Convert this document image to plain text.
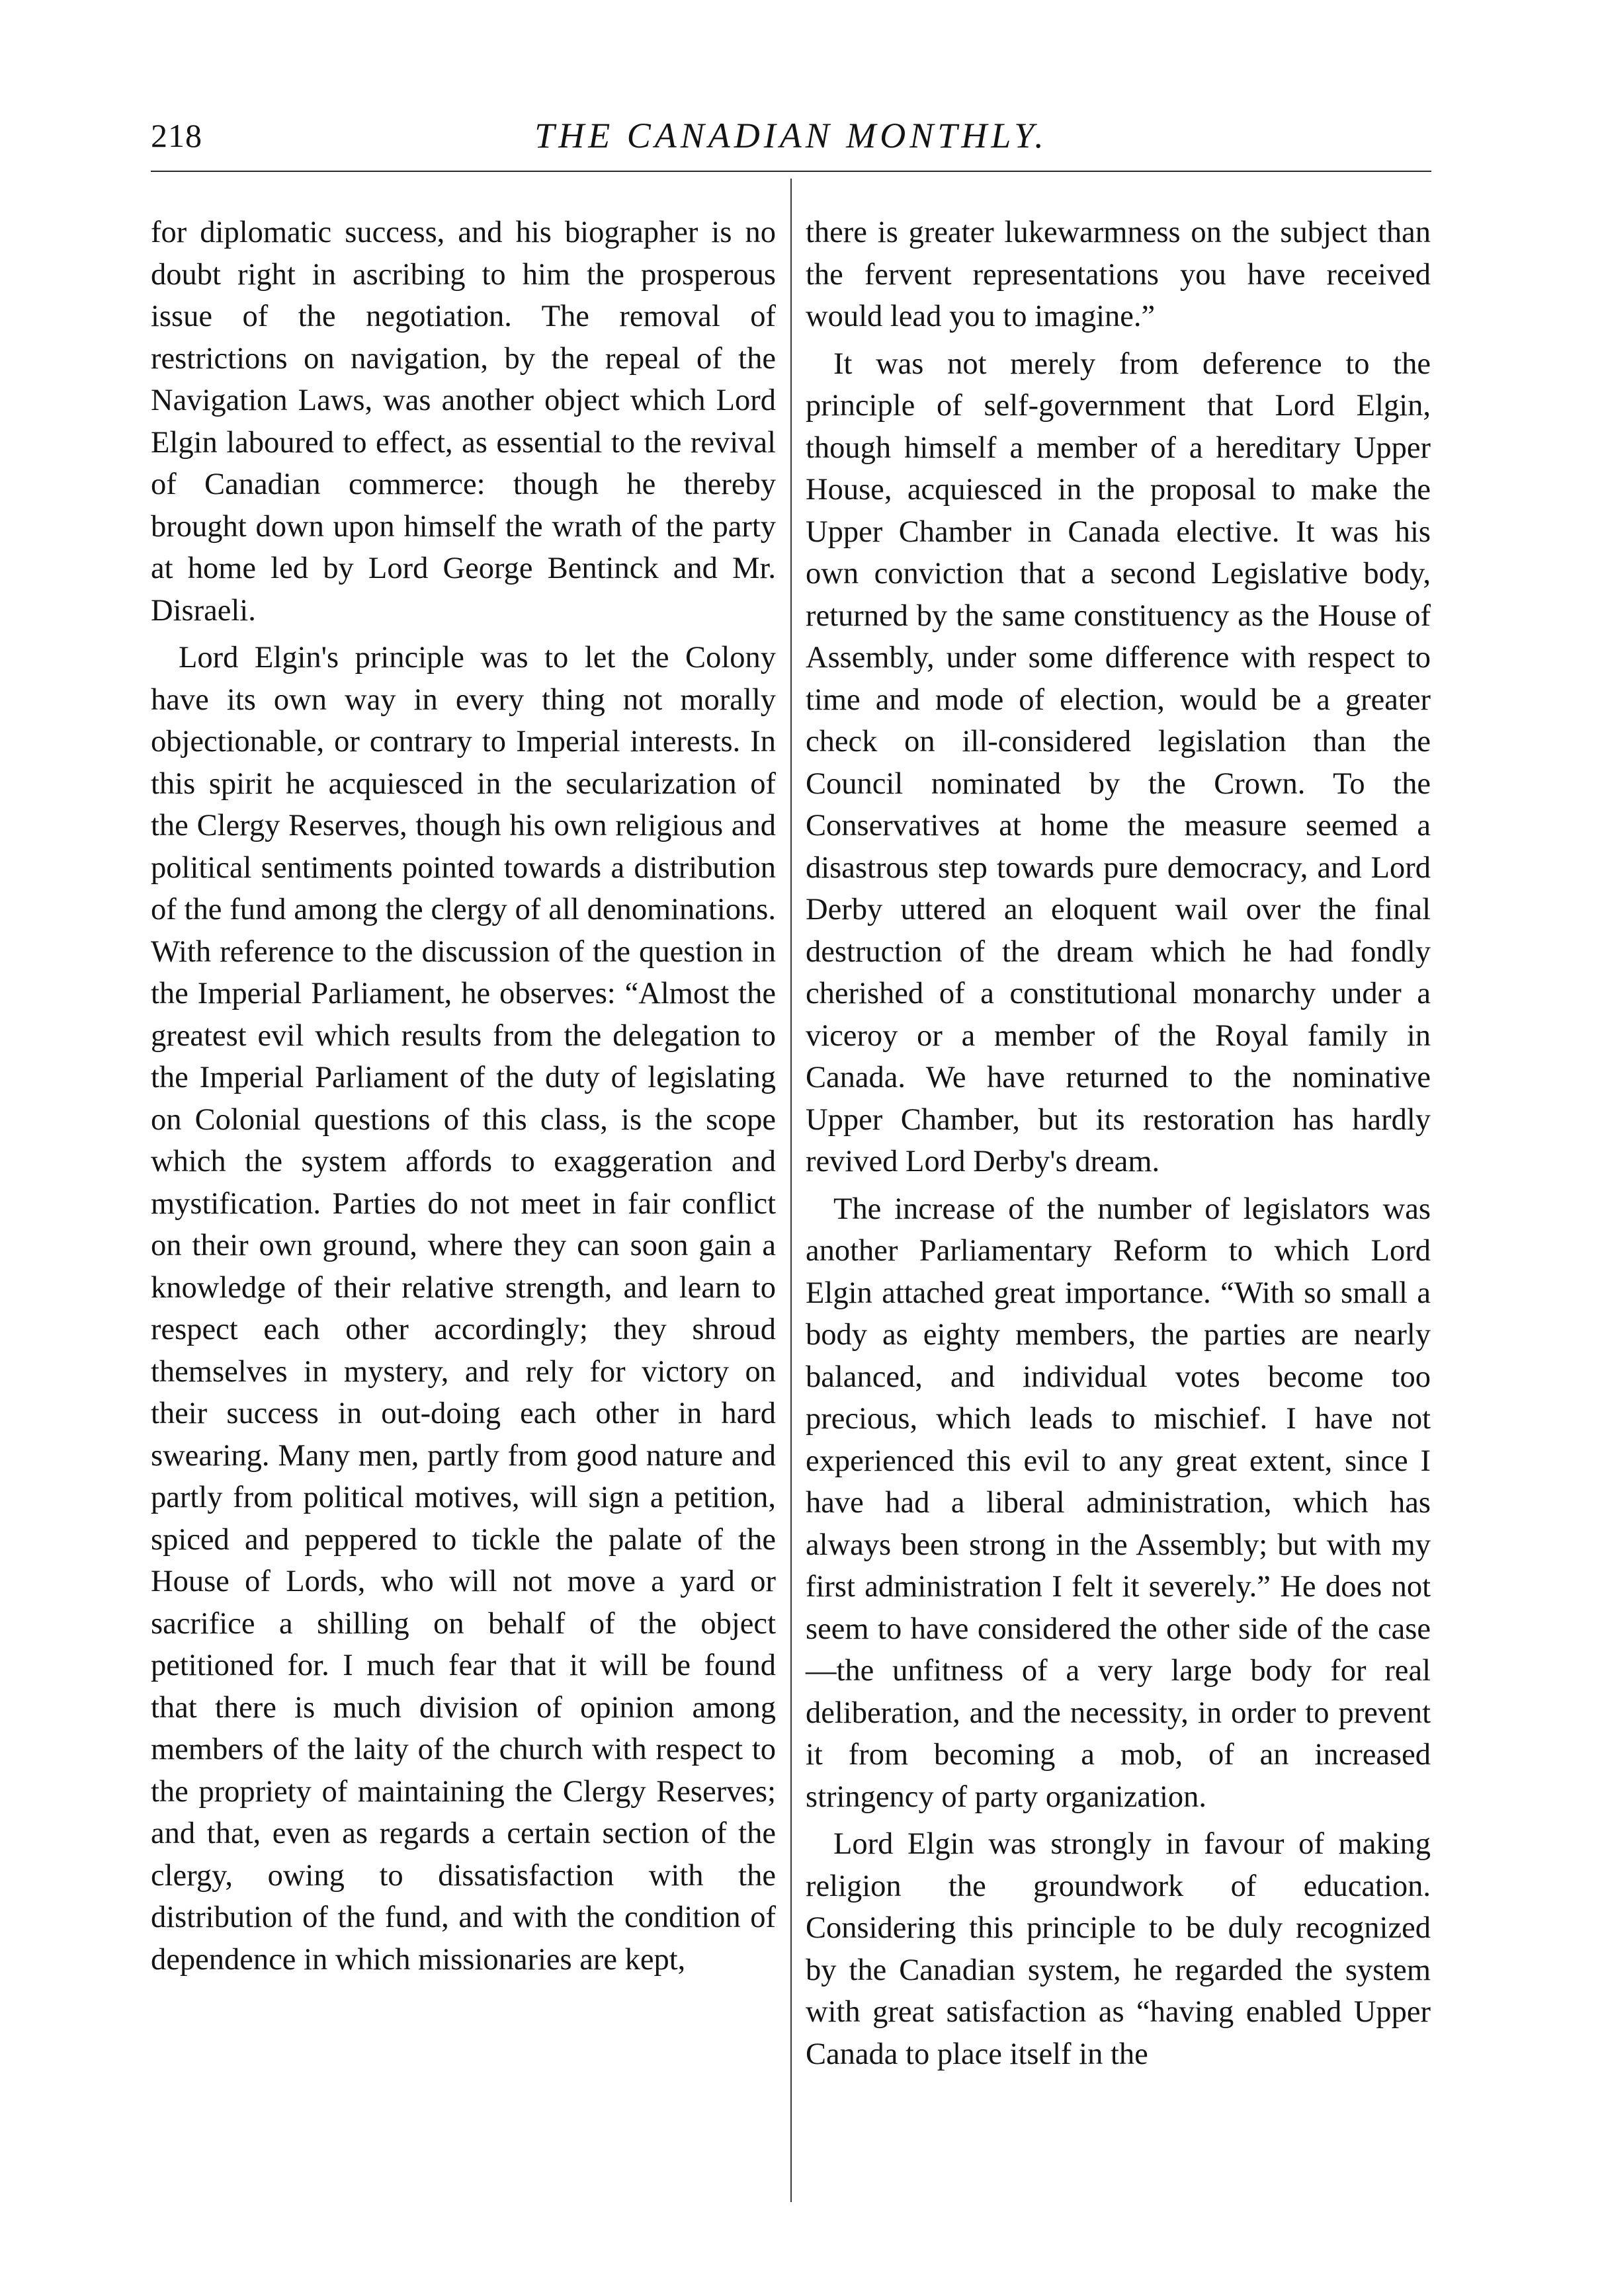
218	THE CANADIAN MONTHLY.

for diplomatic success, and his biographer is no doubt right in ascribing to him the prosperous issue of the negotiation. The removal of restrictions on navigation, by the repeal of the Navigation Laws, was another object which Lord Elgin laboured to effect, as essential to the revival of Canadian commerce: though he thereby brought down upon himself the wrath of the party at home led by Lord George Bentinck and Mr. Disraeli.

Lord Elgin's principle was to let the Colony have its own way in every thing not morally objectionable, or contrary to Imperial interests. In this spirit he acquiesced in the secularization of the Clergy Reserves, though his own religious and political sentiments pointed towards a distribution of the fund among the clergy of all denominations. With reference to the discussion of the question in the Imperial Parliament, he observes: “Almost the greatest evil which results from the delegation to the Imperial Parliament of the duty of legislating on Colonial questions of this class, is the scope which the system affords to exaggeration and mystification. Parties do not meet in fair conflict on their own ground, where they can soon gain a knowledge of their relative strength, and learn to respect each other accordingly; they shroud themselves in mystery, and rely for victory on their success in out-doing each other in hard swearing. Many men, partly from good nature and partly from political motives, will sign a petition, spiced and peppered to tickle the palate of the House of Lords, who will not move a yard or sacrifice a shilling on behalf of the object petitioned for. I much fear that it will be found that there is much division of opinion among members of the laity of the church with respect to the propriety of maintaining the Clergy Reserves; and that, even as regards a certain section of the clergy, owing to dissatisfaction with the distribution of the fund, and with the condition of dependence in which missionaries are kept,

there is greater lukewarmness on the subject than the fervent representations you have received would lead you to imagine.”

It was not merely from deference to the principle of self-government that Lord Elgin, though himself a member of a hereditary Upper House, acquiesced in the proposal to make the Upper Chamber in Canada elective. It was his own conviction that a second Legislative body, returned by the same constituency as the House of Assembly, under some difference with respect to time and mode of election, would be a greater check on ill-considered legislation than the Council nominated by the Crown. To the Conservatives at home the measure seemed a disastrous step towards pure democracy, and Lord Derby uttered an eloquent wail over the final destruction of the dream which he had fondly cherished of a constitutional monarchy under a viceroy or a member of the Royal family in Canada. We have returned to the nominative Upper Chamber, but its restoration has hardly revived Lord Derby's dream.

The increase of the number of legislators was another Parliamentary Reform to which Lord Elgin attached great importance. “With so small a body as eighty members, the parties are nearly balanced, and individual votes become too precious, which leads to mischief. I have not experienced this evil to any great extent, since I have had a liberal administration, which has always been strong in the Assembly; but with my first administration I felt it severely.” He does not seem to have considered the other side of the case—the unfitness of a very large body for real deliberation, and the necessity, in order to prevent it from becoming a mob, of an increased stringency of party organization.

Lord Elgin was strongly in favour of making religion the groundwork of education. Considering this principle to be duly recognized by the Canadian system, he regarded the system with great satisfaction as “having enabled Upper Canada to place itself in the
